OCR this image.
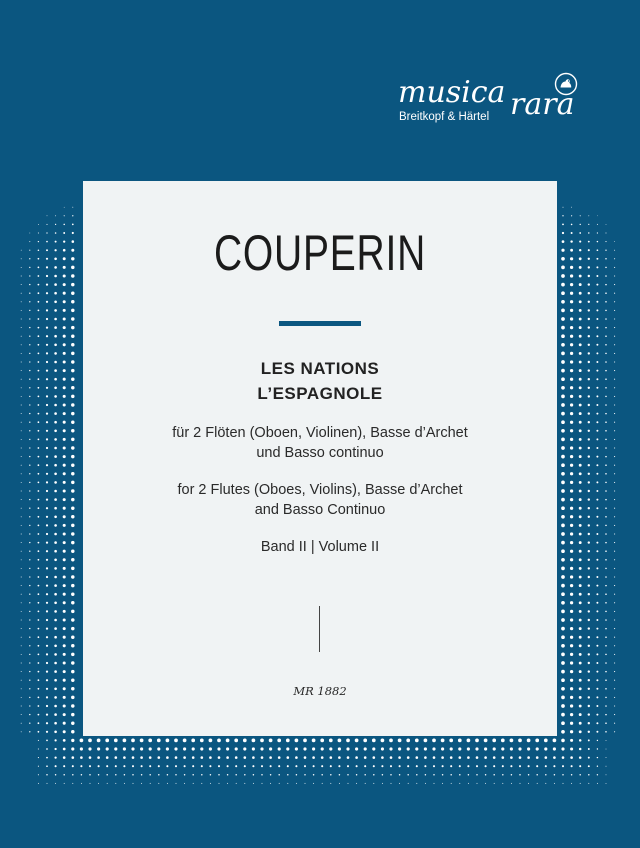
musica rara
Breitkopf & Härtel
COUPERIN
LES NATIONS
L’ESPAGNOLE
für 2 Flöten (Oboen, Violinen), Basse d’Archet
und Basso continuo
for 2 Flutes (Oboes, Violins), Basse d’Archet
and Basso Continuo
Band II | Volume II
MR 1882
